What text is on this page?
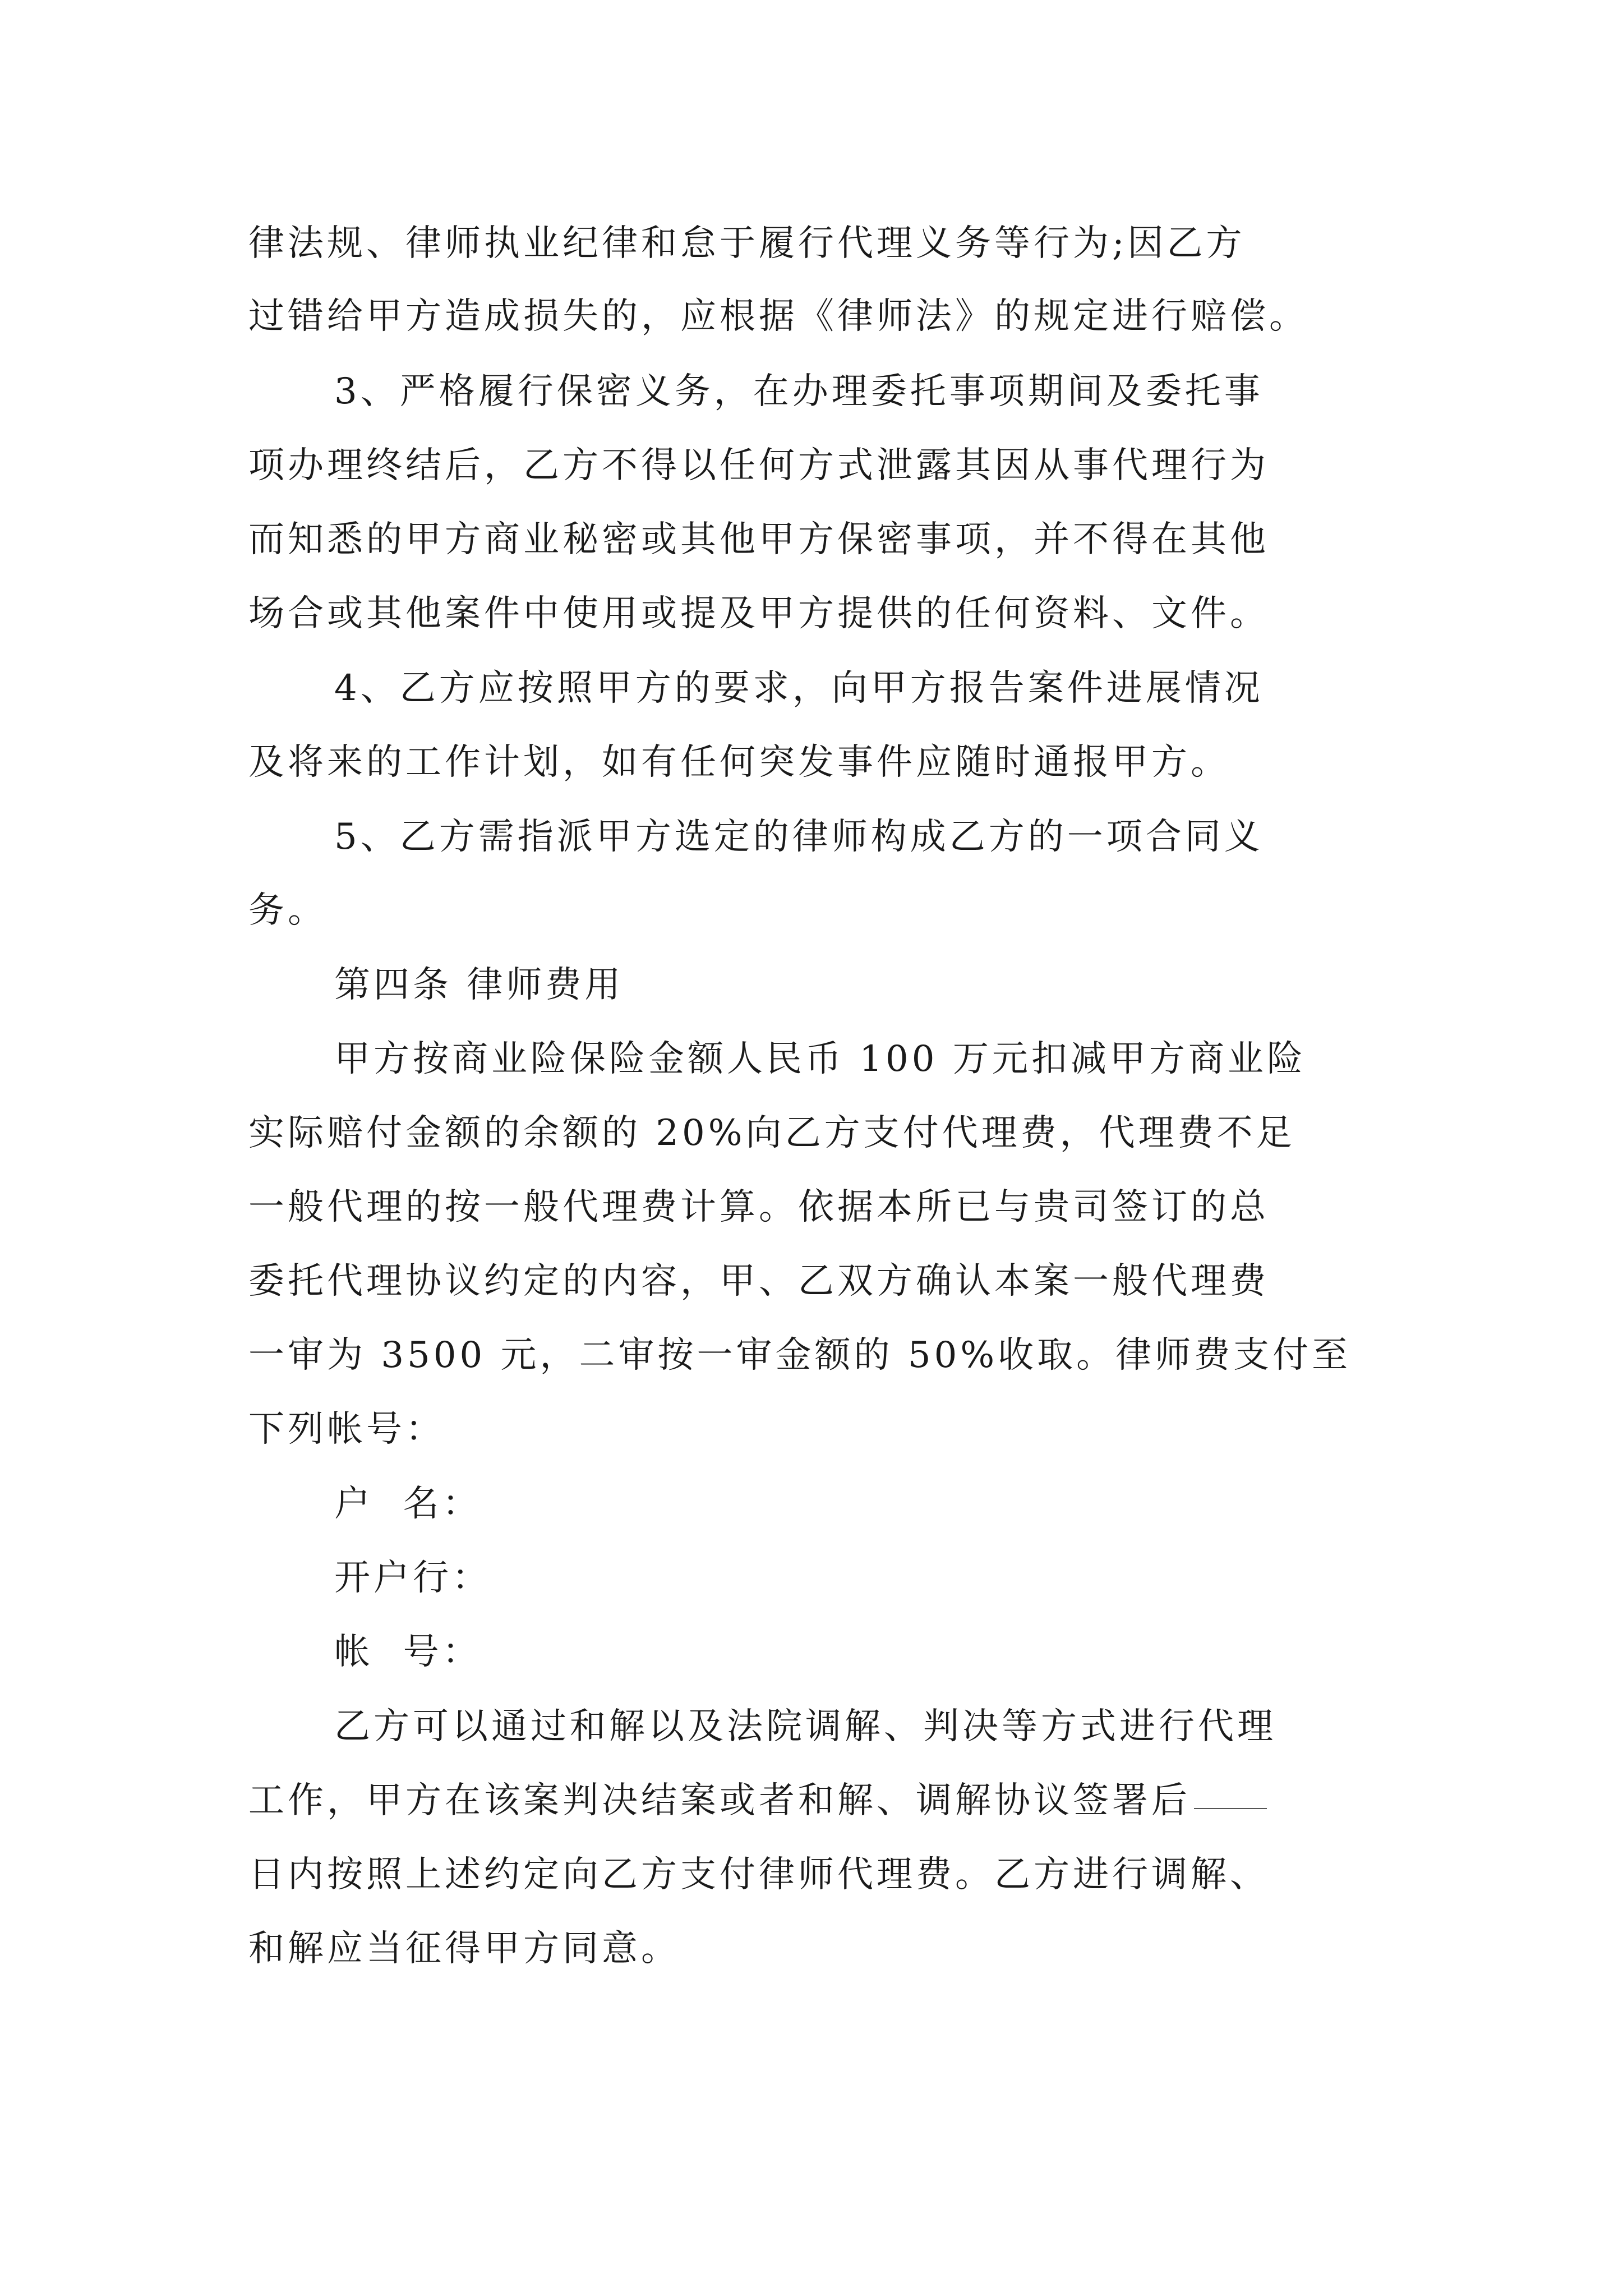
律法规、律师执业纪律和怠于履行代理义务等行为;因乙方
过错给甲方造成损失的，应根据《律师法》的规定进行赔偿。
3、严格履行保密义务，在办理委托事项期间及委托事
项办理终结后，乙方不得以任何方式泄露其因从事代理行为
而知悉的甲方商业秘密或其他甲方保密事项，并不得在其他
场合或其他案件中使用或提及甲方提供的任何资料、文件。
4、乙方应按照甲方的要求，向甲方报告案件进展情况
及将来的工作计划，如有任何突发事件应随时通报甲方。
5、乙方需指派甲方选定的律师构成乙方的一项合同义
务。
第四条 律师费用
甲方按商业险保险金额人民币 100 万元扣减甲方商业险
实际赔付金额的余额的 20%向乙方支付代理费，代理费不足
一般代理的按一般代理费计算。依据本所已与贵司签订的总
委托代理协议约定的内容，甲、乙双方确认本案一般代理费
一审为 3500 元，二审按一审金额的 50%收取。律师费支付至
下列帐号：
户  名：
开户行：
帐  号：
乙方可以通过和解以及法院调解、判决等方式进行代理
工作，甲方在该案判决结案或者和解、调解协议签署后
日内按照上述约定向乙方支付律师代理费。乙方进行调解、
和解应当征得甲方同意。
